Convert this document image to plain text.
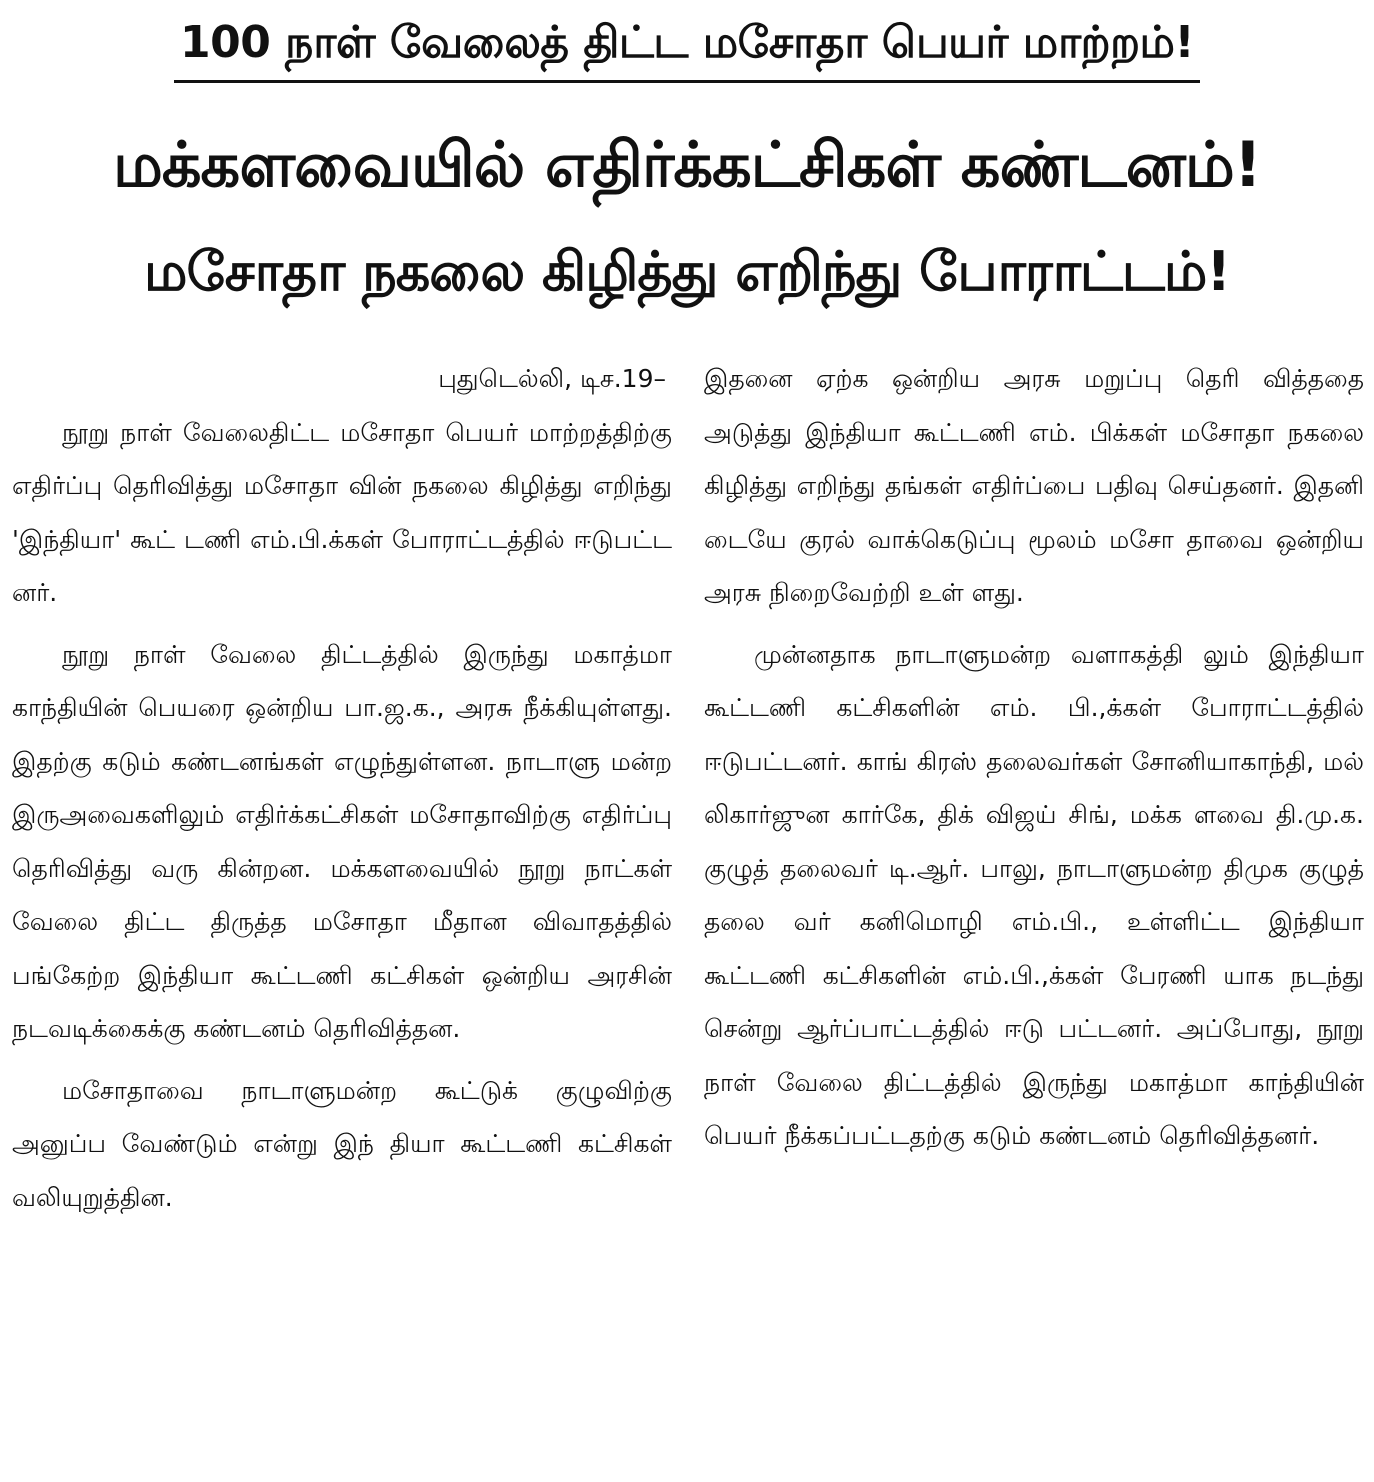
100 நாள் வேலைத் திட்ட மசோதா பெயர் மாற்றம்!
மக்களவையில் எதிர்க்கட்சிகள் கண்டனம்!
மசோதா நகலை கிழித்து எறிந்து போராட்டம்!

புதுடெல்லி, டிச.19–

நூறு நாள் வேலைதிட்ட மசோதா பெயர் மாற்றத்திற்கு எதிர்ப்பு தெரிவித்து மசோதா வின் நகலை கிழித்து எறிந்து 'இந்தியா' கூட் டணி எம்.பி.க்கள் போராட்டத்தில் ஈடுபட்ட னர்.

நூறு நாள் வேலை திட்டத்தில் இருந்து மகாத்மா காந்தியின் பெயரை ஒன்றிய பா.ஜ.க., அரசு நீக்கியுள்ளது. இதற்கு கடும் கண்டனங்கள் எழுந்துள்ளன. நாடாளு மன்ற இருஅவைகளிலும் எதிர்க்கட்சிகள் மசோதாவிற்கு எதிர்ப்பு தெரிவித்து வரு கின்றன. மக்களவையில் நூறு நாட்கள் வேலை திட்ட திருத்த மசோதா மீதான விவாதத்தில் பங்கேற்ற இந்தியா கூட்டணி கட்சிகள் ஒன்றிய அரசின் நடவடிக்கைக்கு கண்டனம் தெரிவித்தன.

மசோதாவை நாடாளுமன்ற கூட்டுக் குழுவிற்கு அனுப்ப வேண்டும் என்று இந் தியா கூட்டணி கட்சிகள் வலியுறுத்தின.

இதனை ஏற்க ஒன்றிய அரசு மறுப்பு தெரி வித்ததை அடுத்து இந்தியா கூட்டணி எம். பிக்கள் மசோதா நகலை கிழித்து எறிந்து தங்கள் எதிர்ப்பை பதிவு செய்தனர். இதனி டையே குரல் வாக்கெடுப்பு மூலம் மசோ தாவை ஒன்றிய அரசு நிறைவேற்றி உள் ளது.

முன்னதாக நாடாளுமன்ற வளாகத்தி லும் இந்தியா கூட்டணி கட்சிகளின் எம். பி.,க்கள் போராட்டத்தில் ஈடுபட்டனர். காங் கிரஸ் தலைவர்கள் சோனியாகாந்தி, மல் லிகார்ஜுன கார்கே, திக் விஜய் சிங், மக்க ளவை தி.மு.க. குழுத் தலைவர் டி.ஆர். பாலு, நாடாளுமன்ற திமுக குழுத் தலை வர் கனிமொழி எம்.பி., உள்ளிட்ட இந்தியா கூட்டணி கட்சிகளின் எம்.பி.,க்கள் பேரணி யாக நடந்து சென்று ஆர்ப்பாட்டத்தில் ஈடு பட்டனர். அப்போது, நூறு நாள் வேலை திட்டத்தில் இருந்து மகாத்மா காந்தியின் பெயர் நீக்கப்பட்டதற்கு கடும் கண்டனம் தெரிவித்தனர்.
